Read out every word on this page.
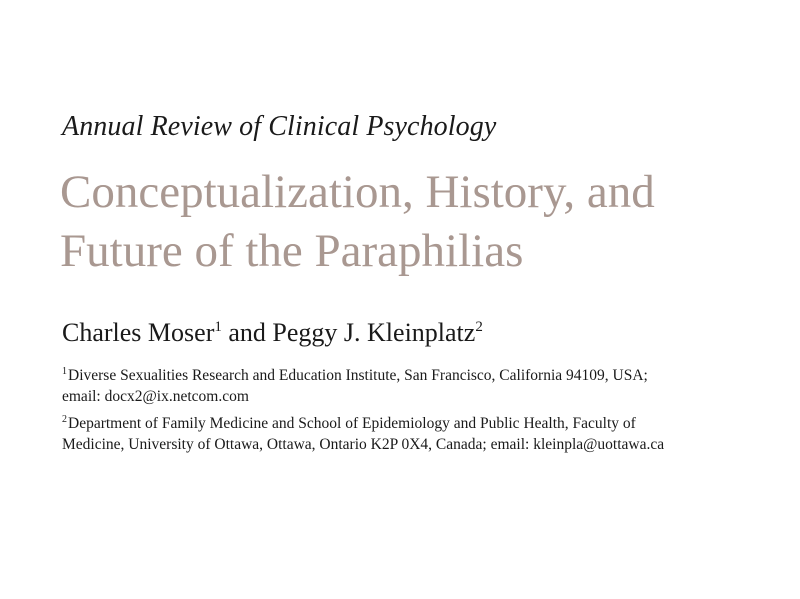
Annual Review of Clinical Psychology
Conceptualization, History, and
Future of the Paraphilias
Charles Moser$^1$ and Peggy J. Kleinplatz$^2$
$^1$Diverse Sexualities Research and Education Institute, San Francisco, California 94109, USA;
email: docx2@ix.netcom.com
$^2$Department of Family Medicine and School of Epidemiology and Public Health, Faculty of
Medicine, University of Ottawa, Ottawa, Ontario K2P 0X4, Canada; email: kleinpla@uottawa.ca
